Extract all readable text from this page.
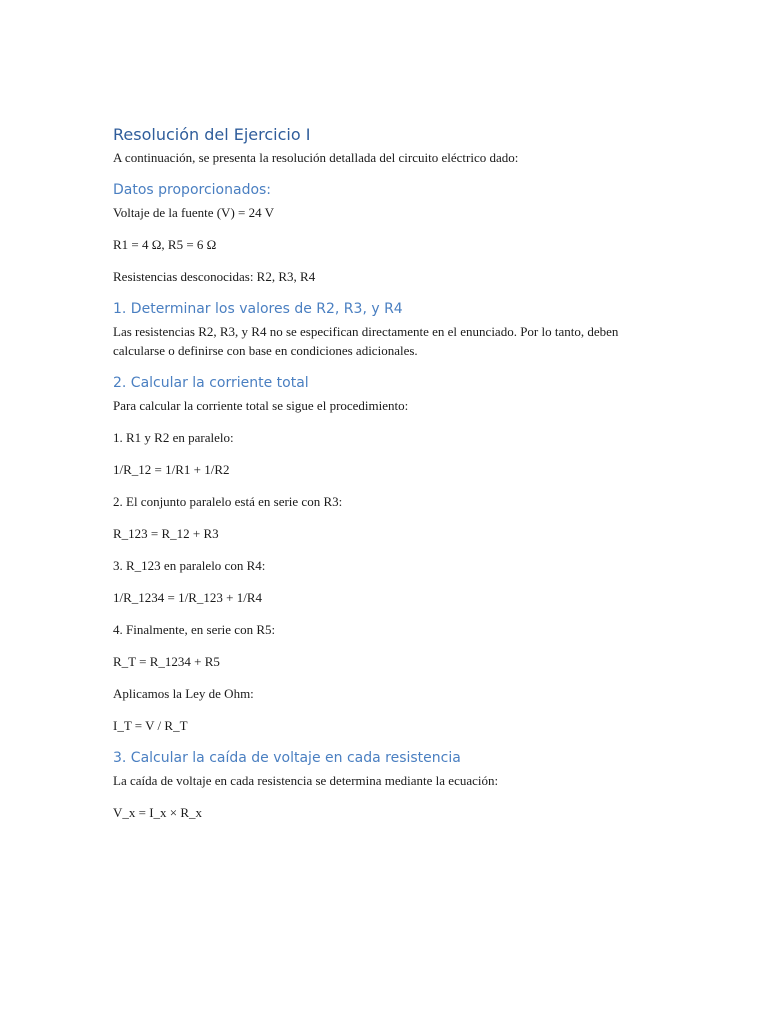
Resolución del Ejercicio I

A continuación, se presenta la resolución detallada del circuito eléctrico dado:

Datos proporcionados:

Voltaje de la fuente (V) = 24 V

R1 = 4 Ω, R5 = 6 Ω

Resistencias desconocidas: R2, R3, R4

1. Determinar los valores de R2, R3, y R4

Las resistencias R2, R3, y R4 no se especifican directamente en el enunciado. Por lo tanto, deben calcularse o definirse con base en condiciones adicionales.

2. Calcular la corriente total

Para calcular la corriente total se sigue el procedimiento:

1. R1 y R2 en paralelo:

1/R_12 = 1/R1 + 1/R2

2. El conjunto paralelo está en serie con R3:

R_123 = R_12 + R3

3. R_123 en paralelo con R4:

1/R_1234 = 1/R_123 + 1/R4

4. Finalmente, en serie con R5:

R_T = R_1234 + R5

Aplicamos la Ley de Ohm:

I_T = V / R_T

3. Calcular la caída de voltaje en cada resistencia

La caída de voltaje en cada resistencia se determina mediante la ecuación:

V_x = I_x × R_x
